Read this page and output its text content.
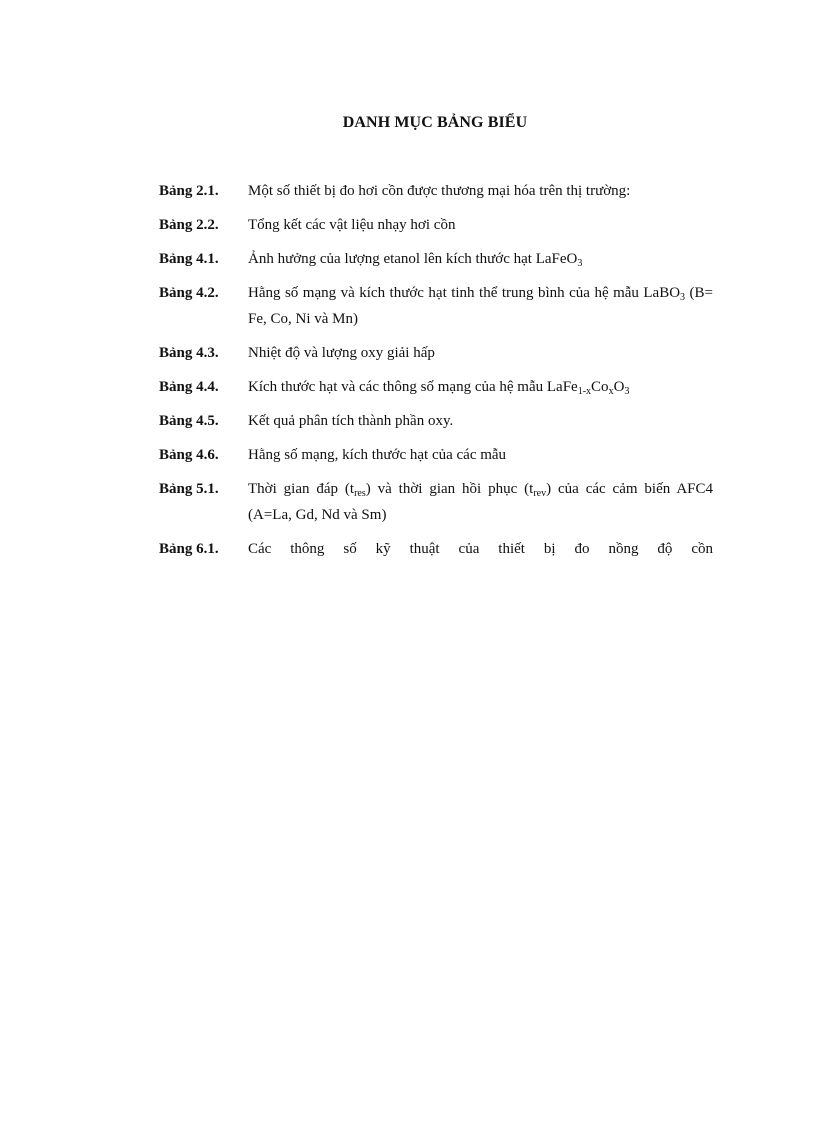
DANH MỤC BẢNG BIỂU
Bảng 2.1. Một số thiết bị đo hơi cồn được thương mại hóa trên thị trường:
Bảng 2.2. Tổng kết các vật liệu nhạy hơi cồn
Bảng 4.1. Ảnh hưởng của lượng etanol lên kích thước hạt LaFeO$_3$
Bảng 4.2. Hằng số mạng và kích thước hạt tinh thể trung bình của hệ mẫu LaBO$_3$ (B= Fe, Co, Ni và Mn)
Bảng 4.3. Nhiệt độ và lượng oxy giải hấp
Bảng 4.4. Kích thước hạt và các thông số mạng của hệ mẫu $LaFe_{1-x}Co_xO_3$
Bảng 4.5. Kết quả phân tích thành phần oxy.
Bảng 4.6. Hằng số mạng, kích thước hạt của các mẫu
Bảng 5.1. Thời gian đáp $(t_{res})$ và thời gian hồi phục $(t_{rev})$ của các cảm biến AFC4 (A=La, Gd, Nd và Sm)
Bảng 6.1. Các thông số kỹ thuật của thiết bị đo nồng độ cồn
